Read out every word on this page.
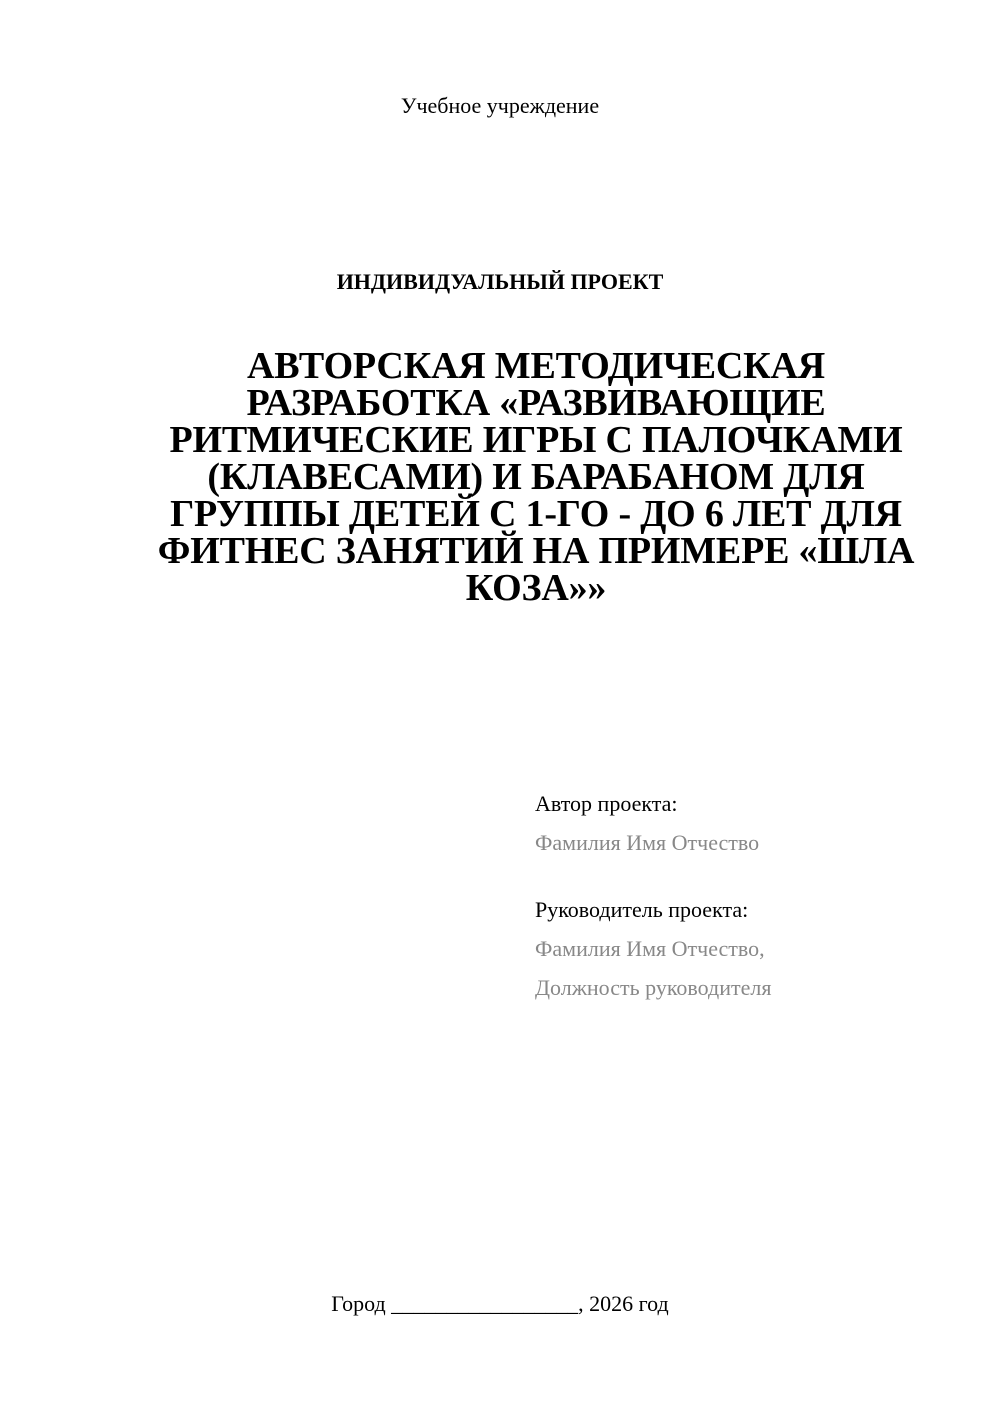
Учебное учреждение
ИНДИВИДУАЛЬНЫЙ ПРОЕКТ
АВТОРСКАЯ МЕТОДИЧЕСКАЯ
РАЗРАБОТКА «РАЗВИВАЮЩИЕ
РИТМИЧЕСКИЕ ИГРЫ С ПАЛОЧКАМИ
(КЛАВЕСАМИ) И БАРАБАНОМ ДЛЯ
ГРУППЫ ДЕТЕЙ С 1-ГО - ДО 6 ЛЕТ ДЛЯ
ФИТНЕС ЗАНЯТИЙ НА ПРИМЕРЕ «ШЛА
КОЗА»»
Автор проекта:
Фамилия Имя Отчество
Руководитель проекта:
Фамилия Имя Отчество,
Должность руководителя
Город _________________, 2026 год
